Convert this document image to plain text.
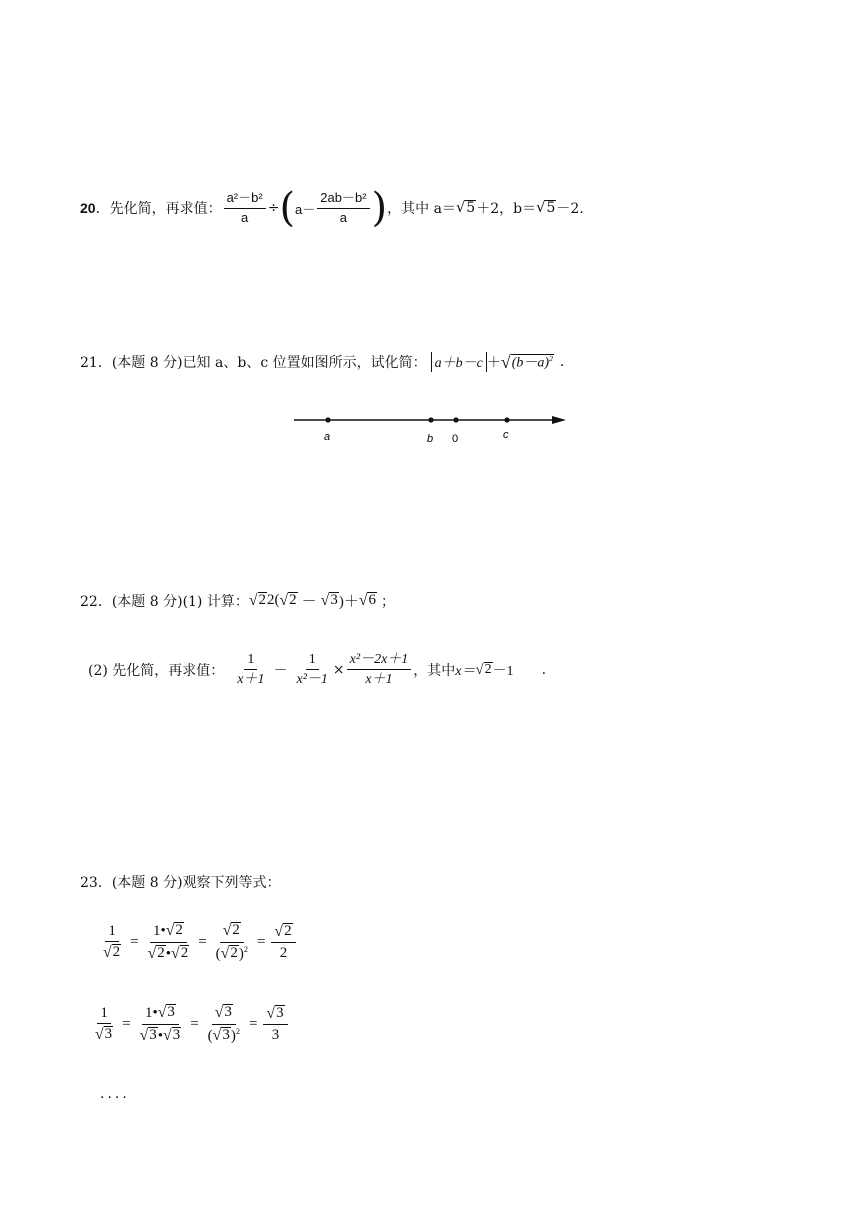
20 ．先化简，再求值： $\frac{\text{a²－b²}}{a}$ ÷ ( $a- \frac{\text{2ab－b²}}{a}$ ) ，其中 a＝ √ 5 ＋2，b＝ √ 5 －2.
21． (本题 8 分) 已知 a、b、c 位置如图所示，试化简： a＋b－c ＋ √ $(b-a)^2$ .
a	b 0	c
22． (本题 8 分) (1) 计算： √ 2 2( √ 2 － √ 3 )＋ √ 6 ；
(2) 先化简，再求值： $\frac{1}{x+1} - \frac{1}{\text{x²－1}} \times \frac{\text{x²－2x＋1}}{x+1}$ ，其中 x＝ √ 2 －1 .
23． (本题 8 分) 观察下列等式：
$\frac{1}{√ 2} = \frac{1• √ 2}{√ 2 • √ 2} = \frac{√ 2}{( √ 2 )^2} = \frac{√ 2}{2}$
$\frac{1}{√ 3} = \frac{1• √ 3}{√ 3 • √ 3} = \frac{√ 3}{( √ 3 )^2} = \frac{√ 3}{3}$
....
